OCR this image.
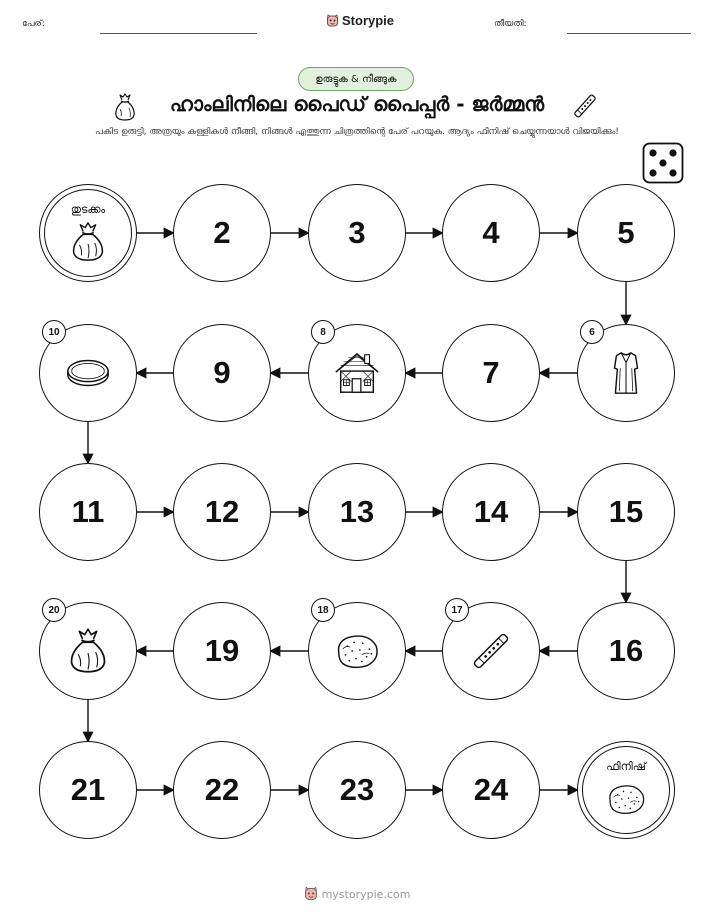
പേര്:	Storypie	തീയതി:
ഉരുട്ടുക & നീങ്ങുക
ഹാംലിനിലെ പൈഡ് പൈപ്പർ - ജർമ്മൻ
പകിട ഉരുട്ടി, അത്രയും കള്ളികൾ നീങ്ങി, നിങ്ങൾ എത്തുന്ന ചിത്രത്തിന്റെ പേര് പറയുക. ആദ്യം ഫിനിഷ് ചെയ്യുന്നയാൾ വിജയിക്കും!
തുടക്കം
2	3	4	5
6
7
8
9
10
11	12	13	14	15
16
17
18
19
20
21	22	23	24
ഫിനിഷ്
mystorypie.com
